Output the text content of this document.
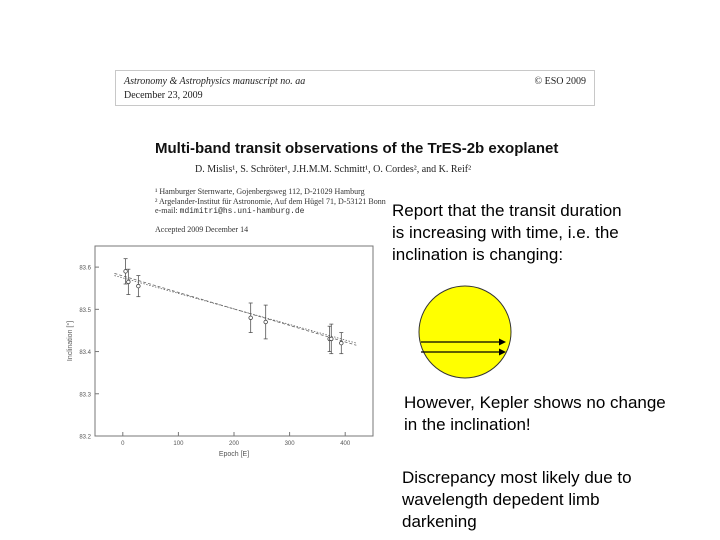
Astronomy & Astrophysics manuscript no. aa
December 23, 2009
© ESO 2009
Multi-band transit observations of the TrES-2b exoplanet
D. Mislis¹, S. Schröter¹, J.H.M.M. Schmitt¹, O. Cordes², and K. Reif²
¹ Hamburger Sternwarte, Gojenbergsweg 112, D-21029 Hamburg
² Argelander-Institut für Astronomie, Auf dem Hügel 71, D-53121 Bonn
e-mail: mdimitri@hs.uni-hamburg.de
Accepted 2009 December 14
83.2
83.3
83.4
83.5
83.6
0	100	200	300	400
Epoch [E]
Inclination [°]
Report that the transit duration
is increasing with time, i.e. the
inclination is changing:
However, Kepler shows no change
in the inclination!
Discrepancy most likely due to
wavelength depedent limb
darkening
